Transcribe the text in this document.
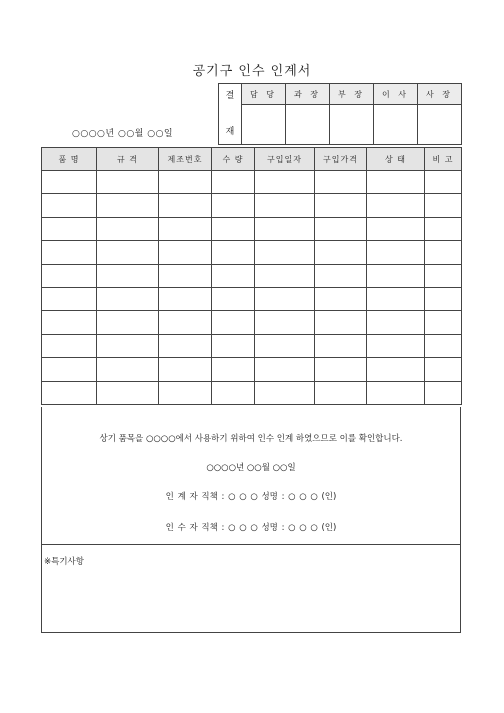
공기구 인수 인계서
○○○○년 ○○월 ○○일
결
재	담 당	과 장	부 장	이 사	사 장

품 명	규 격	제조번호	수 량	구입일자	구입가격	상 태	비 고

상기 품목을 ○○○○에서 사용하기 위하여 인수 인계 하였으므로 이를 확인합니다.
○○○○년 ○○월 ○○일
인 계 자 직책 : ○ ○ ○ 성명 : ○ ○ ○ (인)
인 수 자 직책 : ○ ○ ○ 성명 : ○ ○ ○ (인)
※특기사항
